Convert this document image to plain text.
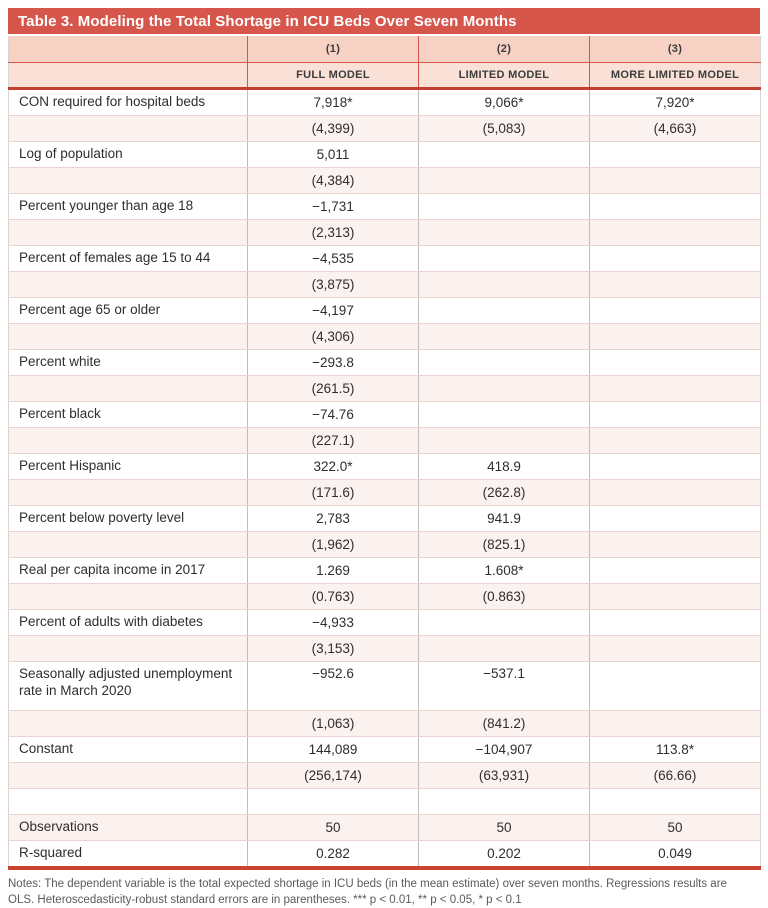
Table 3. Modeling the Total Shortage in ICU Beds Over Seven Months
	(1)	(2)	(3)
	FULL MODEL	LIMITED MODEL	MORE LIMITED MODEL
CON required for hospital beds	7,918*	9,066*	7,920*
	(4,399)	(5,083)	(4,663)
Log of population	5,011		
	(4,384)		
Percent younger than age 18	−1,731		
	(2,313)		
Percent of females age 15 to 44	−4,535		
	(3,875)		
Percent age 65 or older	−4,197		
	(4,306)		
Percent white	−293.8		
	(261.5)		
Percent black	−74.76		
	(227.1)		
Percent Hispanic	322.0*	418.9	
	(171.6)	(262.8)	
Percent below poverty level	2,783	941.9	
	(1,962)	(825.1)	
Real per capita income in 2017	1.269	1.608*	
	(0.763)	(0.863)	
Percent of adults with diabetes	−4,933		
	(3,153)		
Seasonally adjusted unemployment rate in March 2020	−952.6	−537.1	
	(1,063)	(841.2)	
Constant	144,089	−104,907	113.8*
	(256,174)	(63,931)	(66.66)

Observations	50	50	50
R-squared	0.282	0.202	0.049
Notes: The dependent variable is the total expected shortage in ICU beds (in the mean estimate) over seven months. Regressions results are
OLS. Heteroscedasticity-robust standard errors are in parentheses. *** p < 0.01, ** p < 0.05, * p < 0.1
